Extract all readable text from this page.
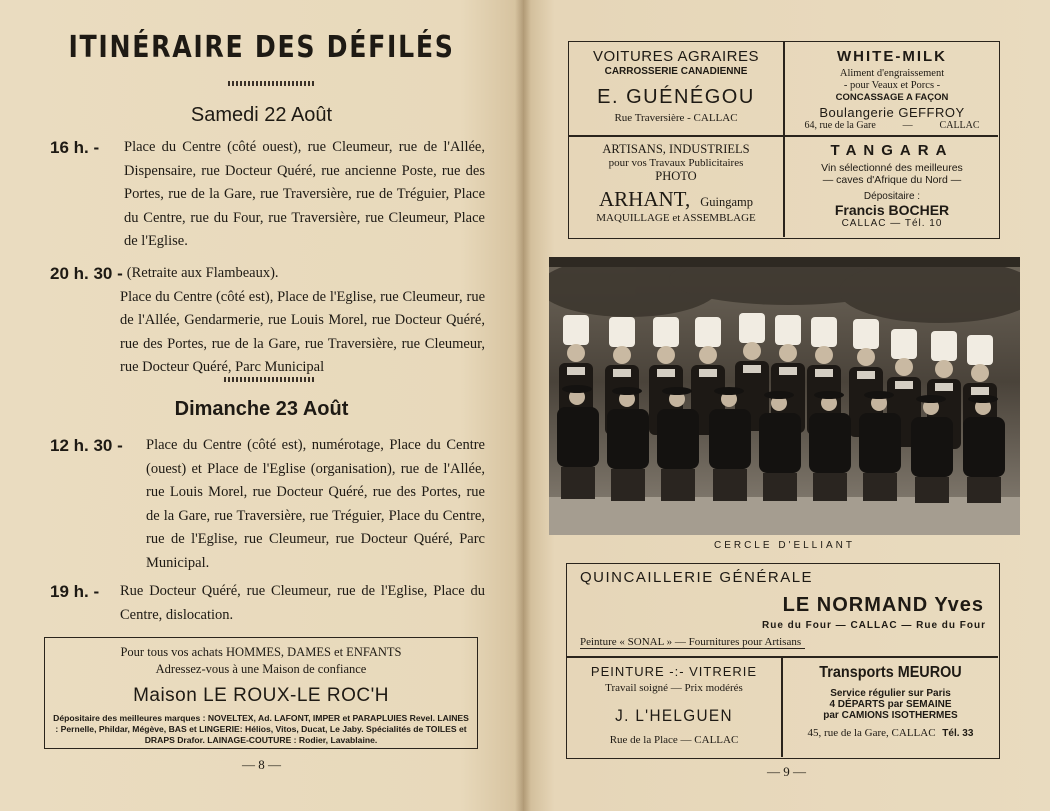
ITINÉRAIRE DES DÉFILÉS
Samedi 22 Août
16 h. -	Place du Centre (côté ouest), rue Cleumeur, rue de l'Allée, Dispensaire, rue Docteur Quéré, rue ancienne Poste, rue des Portes, rue de la Gare, rue Traversière, rue de Tréguier, Place du Centre, rue du Four, rue Traversière, rue Cleumeur, Place de l'Eglise.
20 h. 30 - (Retraite aux Flambeaux).
Place du Centre (côté est), Place de l'Eglise, rue Cleumeur, rue de l'Allée, Gendarmerie, rue Louis Morel, rue Docteur Quéré, rue des Portes, rue de la Gare, rue Traversière, rue Cleumeur, rue Docteur Quéré, Parc Municipal
Dimanche 23 Août
12 h. 30 -	Place du Centre (côté est), numérotage, Place du Centre (ouest) et Place de l'Eglise (organisation), rue de l'Allée, rue Louis Morel, rue Docteur Quéré, rue des Portes, rue de la Gare, rue Traversière, rue Tréguier, Place du Centre, rue de l'Eglise, rue Cleumeur, rue Docteur Quéré, Parc Municipal.
19 h. -	Rue Docteur Quéré, rue Cleumeur, rue de l'Eglise, Place du Centre, dislocation.
Pour tous vos achats HOMMES, DAMES et ENFANTS
Adressez-vous à une Maison de confiance
Maison LE ROUX-LE ROC'H
Dépositaire des meilleures marques : NOVELTEX, Ad. LAFONT, IMPER et PARAPLUIES Revel. LAINES : Pernelle, Phildar, Mégève, BAS et LINGERIE: Hélios, Vitos, Ducat, Le Jaby. Spécialités de TOILES et DRAPS Drafor. LAINAGE-COUTURE : Rodier, Lavablaine.
— 8 —
VOITURES AGRAIRES
CARROSSERIE CANADIENNE
E. GUÉNÉGOU
Rue Traversière - CALLAC
WHITE-MILK
Aliment d'engraissement
- pour Veaux et Porcs -
CONCASSAGE A FAÇON
Boulangerie GEFFROY
64, rue de la Gare	—	CALLAC
ARTISANS, INDUSTRIELS
pour vos Travaux Publicitaires
PHOTO
ARHANT, Guingamp
MAQUILLAGE et ASSEMBLAGE
TANGARA
Vin sélectionné des meilleures
— caves d'Afrique du Nord —
Dépositaire :
Francis BOCHER
CALLAC — Tél. 10
CERCLE D'ELLIANT
QUINCAILLERIE GÉNÉRALE
LE NORMAND Yves
Rue du Four — CALLAC — Rue du Four
Peinture « SONAL » — Fournitures pour Artisans
PEINTURE -:- VITRERIE
Travail soigné — Prix modérés
J. L'HELGUEN
Rue de la Place — CALLAC
Transports MEUROU
Service régulier sur Paris
4 DÉPARTS par SEMAINE
par CAMIONS ISOTHERMES
45, rue de la Gare, CALLAC Tél. 33
— 9 —
